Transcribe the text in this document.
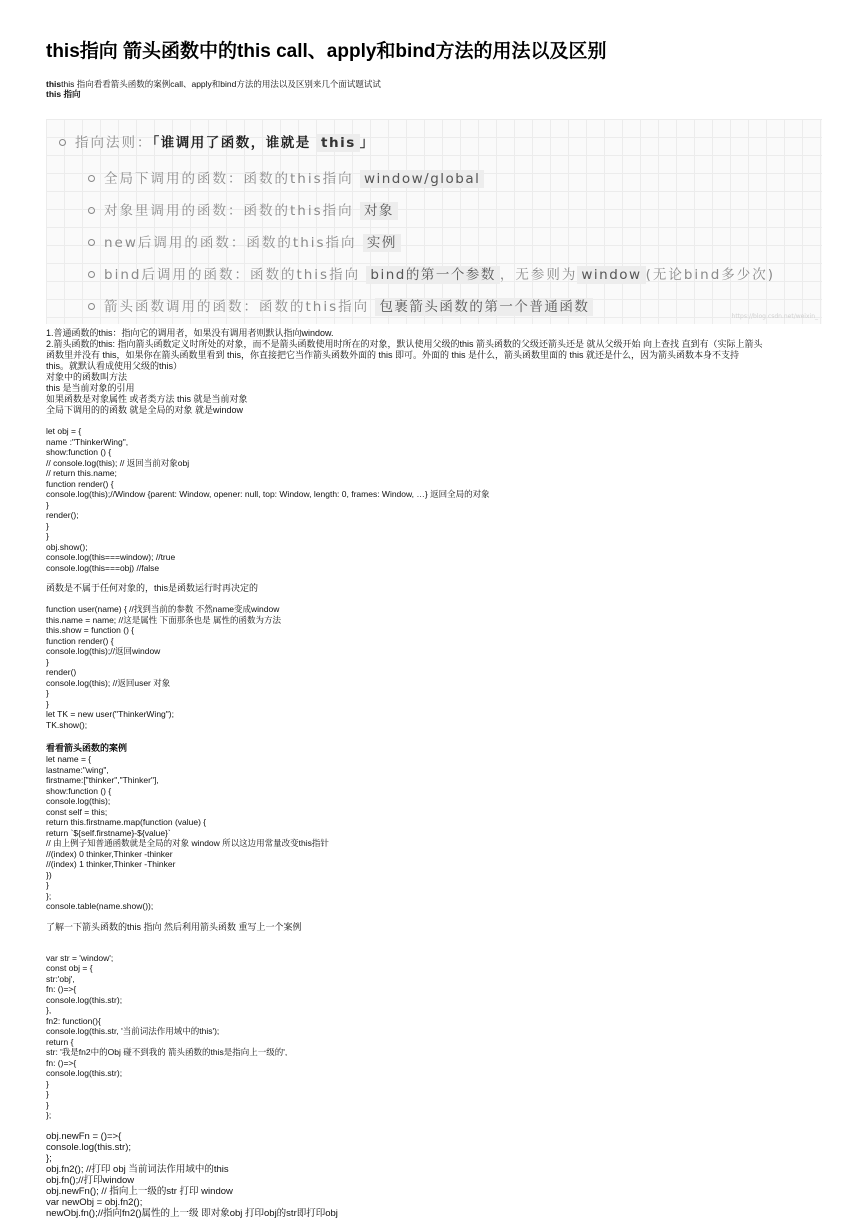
this指向 箭头函数中的this call、apply和bind方法的用法以及区别
thisthis 指向看看箭头函数的案例call、apply和bind方法的用法以及区别来几个面试题试试
this 指向
指向法则：「谁调用了函数，谁就是 this 」
全局下调用的函数：函数的this指向 window/global
对象里调用的函数：函数的this指向 对象
new后调用的函数：函数的this指向 实例
bind后调用的函数：函数的this指向 bind的第一个参数 ，无参则为 window (无论bind多少次)
箭头函数调用的函数：函数的this指向 包裹箭头函数的第一个普通函数
https://blog.csdn.net/weixin_

1.普通函数的this：指向它的调用者，如果没有调用者则默认指向window.
2.箭头函数的this: 指向箭头函数定义时所处的对象，而不是箭头函数使用时所在的对象，默认使用父级的this 箭头函数的父级还箭头还是 就从父级开始 向上查找 直到有（实际上箭头
函数里并没有 this，如果你在箭头函数里看到 this，你直接把它当作箭头函数外面的 this 即可。外面的 this 是什么，箭头函数里面的 this 就还是什么，因为箭头函数本身不支持
this。就默认看成使用父级的this）
对象中的函数叫方法
this 是当前对象的引用
如果函数是对象属性 或者类方法 this 就是当前对象
全局下调用的的函数 就是全局的对象 就是window

let obj = {
name :"ThinkerWing",
show:function () {
// console.log(this); // 返回当前对象obj
// return this.name;
function render() {
console.log(this);//Window {parent: Window, opener: null, top: Window, length: 0, frames: Window, …} 返回全局的对象
}
render();
}
}
obj.show();
console.log(this===window); //true
console.log(this===obj) //false

函数是不属于任何对象的，this是函数运行时再决定的

function user(name) { //找到当前的参数 不然name变成window
this.name = name; //这是属性 下面那条也是 属性的函数为方法
this.show = function () {
function render() {
console.log(this);//返回window
}
render()
console.log(this); //返回user 对象
}
}
let TK = new user("ThinkerWing");
TK.show();

看看箭头函数的案例

let name = {
lastname:"wing",
firstname:["thinker","Thinker"],
show:function () {
console.log(this);
const self = this;
return this.firstname.map(function (value) {
return `${self.firstname}-${value}`
// 由上例子知普通函数就是全局的对象 window 所以这边用常量改变this指针
//(index) 0 thinker,Thinker -thinker
//(index) 1 thinker,Thinker -Thinker
})
}
};
console.table(name.show());

了解一下箭头函数的this 指向 然后利用箭头函数 重写上一个案例

var str = 'window';
const obj = {
str:'obj',
fn: ()=>{
console.log(this.str);
},
fn2: function(){
console.log(this.str, '当前词法作用域中的this');
return {
str: '我是fn2中的Obj 碰不到我的 箭头函数的this是指向上一级的',
fn: ()=>{
console.log(this.str);
}
}
}
};

obj.newFn = ()=>{
console.log(this.str);
};
obj.fn2(); //打印 obj 当前词法作用域中的this
obj.fn();//打印window
obj.newFn(); // 指向上一级的str 打印 window
var newObj = obj.fn2();
newObj.fn();//指向fn2()属性的上一级 即对象obj 打印obj的str即打印obj
